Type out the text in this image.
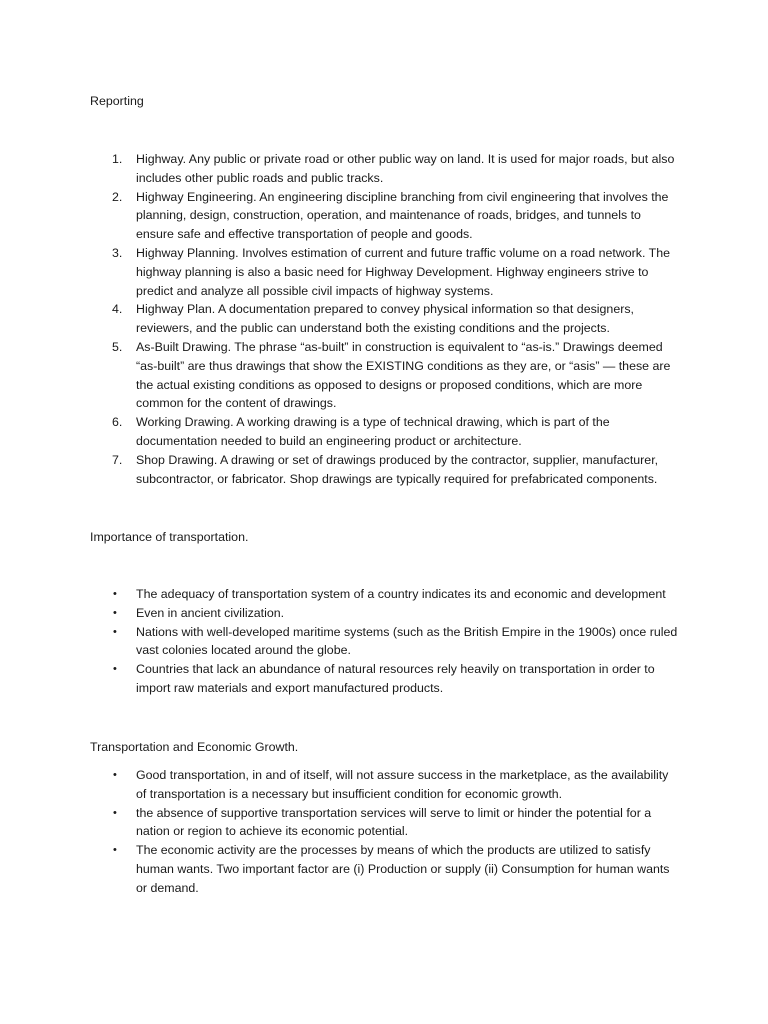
Reporting

1. Highway. Any public or private road or other public way on land. It is used for major roads, but also includes other public roads and public tracks.
2. Highway Engineering. An engineering discipline branching from civil engineering that involves the planning, design, construction, operation, and maintenance of roads, bridges, and tunnels to ensure safe and effective transportation of people and goods.
3. Highway Planning. Involves estimation of current and future traffic volume on a road network. The highway planning is also a basic need for Highway Development. Highway engineers strive to predict and analyze all possible civil impacts of highway systems.
4. Highway Plan. A documentation prepared to convey physical information so that designers, reviewers, and the public can understand both the existing conditions and the projects.
5. As-Built Drawing. The phrase “as-built” in construction is equivalent to “as-is.” Drawings deemed “as-built” are thus drawings that show the EXISTING conditions as they are, or “asis” — these are the actual existing conditions as opposed to designs or proposed conditions, which are more common for the content of drawings.
6. Working Drawing. A working drawing is a type of technical drawing, which is part of the documentation needed to build an engineering product or architecture.
7. Shop Drawing. A drawing or set of drawings produced by the contractor, supplier, manufacturer, subcontractor, or fabricator. Shop drawings are typically required for prefabricated components.

Importance of transportation.

• The adequacy of transportation system of a country indicates its and economic and development
• Even in ancient civilization.
• Nations with well-developed maritime systems (such as the British Empire in the 1900s) once ruled vast colonies located around the globe.
• Countries that lack an abundance of natural resources rely heavily on transportation in order to import raw materials and export manufactured products.

Transportation and Economic Growth.

• Good transportation, in and of itself, will not assure success in the marketplace, as the availability of transportation is a necessary but insufficient condition for economic growth.
• the absence of supportive transportation services will serve to limit or hinder the potential for a nation or region to achieve its economic potential.
• The economic activity are the processes by means of which the products are utilized to satisfy human wants. Two important factor are (i) Production or supply (ii) Consumption for human wants or demand.
